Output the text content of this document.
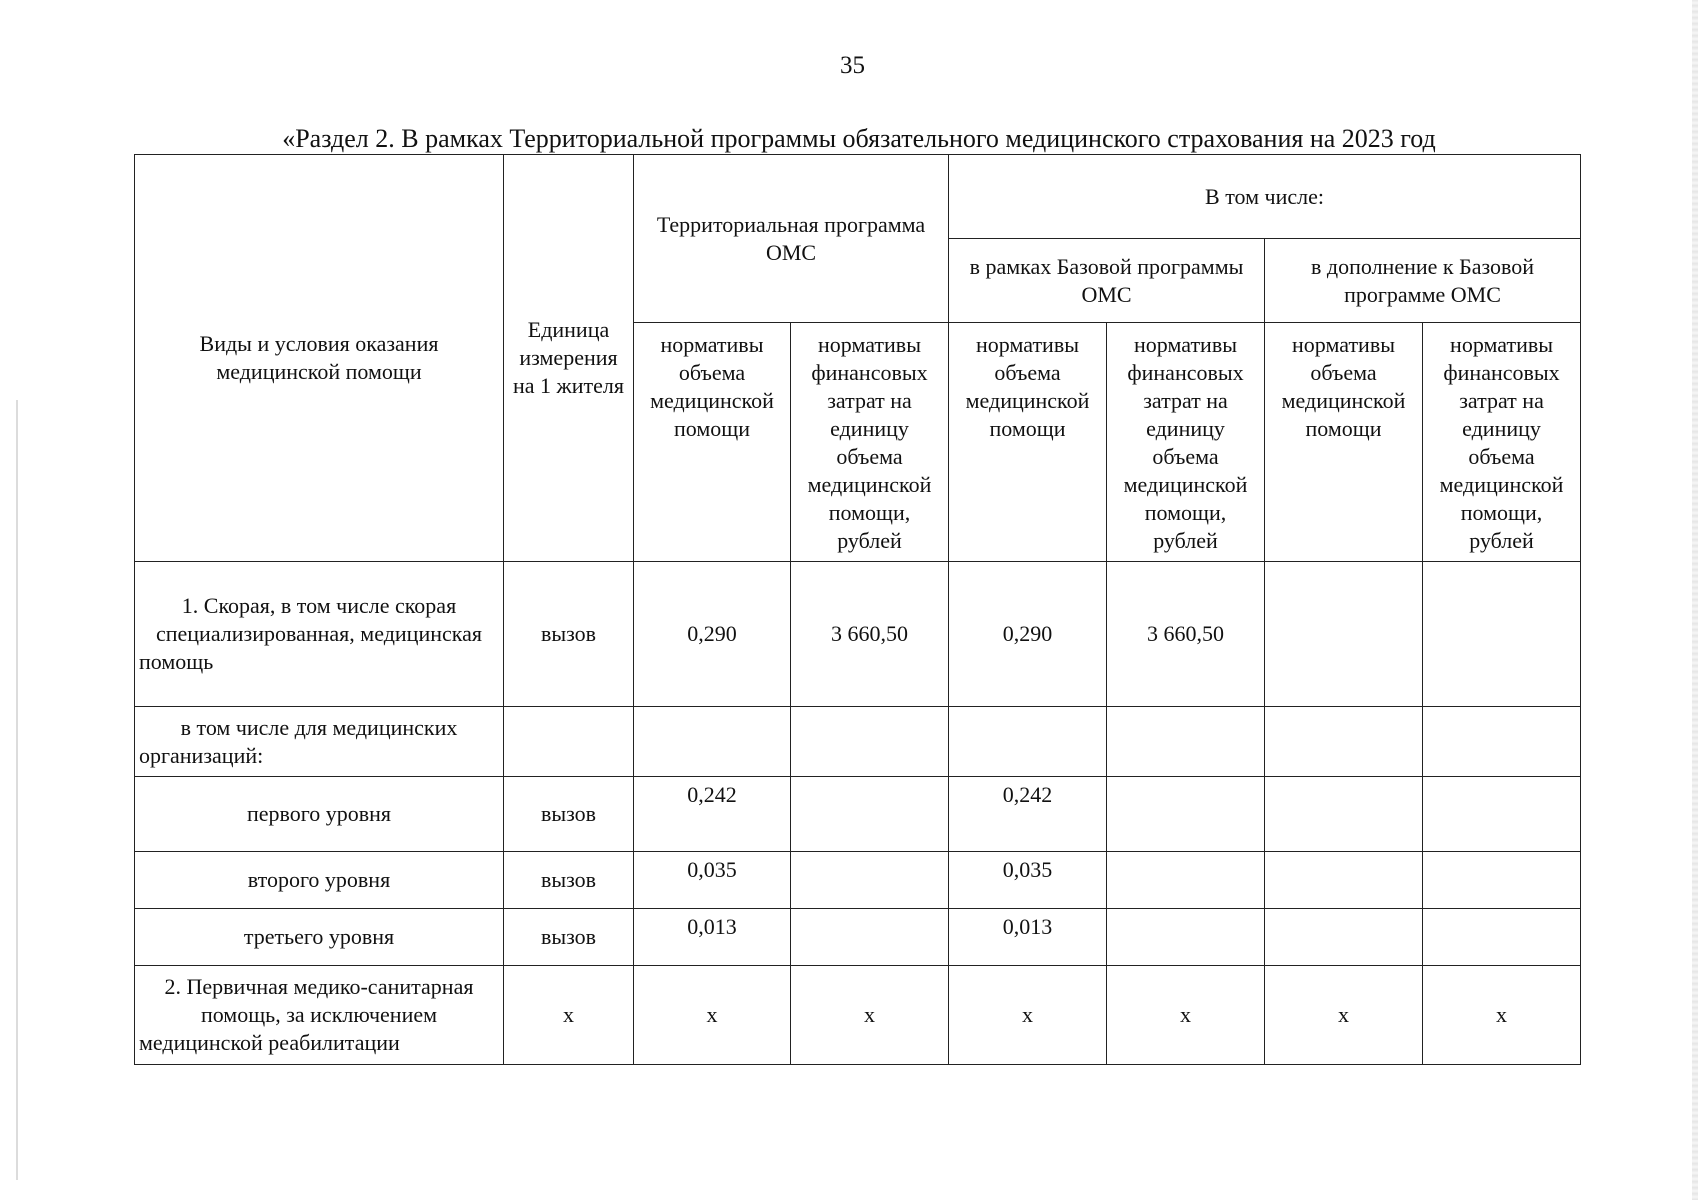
35
«Раздел 2. В рамках Территориальной программы обязательного медицинского страхования на 2023 год
Виды и условия оказания медицинской помощи	Единица измерения на 1 жителя	Территориальная программа ОМС		В том числе:			
				в рамках Базовой программы ОМС		в дополнение к Базовой программе ОМС	
		нормативы объема медицинской помощи	нормативы финансовых затрат на единицу объема медицинской помощи, рублей	нормативы объема медицинской помощи	нормативы финансовых затрат на единицу объема медицинской помощи, рублей	нормативы объема медицинской помощи	нормативы финансовых затрат на единицу объема медицинской помощи, рублей
1. Скорая, в том числе скорая специализированная, медицинская помощь	вызов	0,290	3 660,50	0,290	3 660,50		
в том числе для медицинских организаций:							
первого уровня	вызов	0,242		0,242			
второго уровня	вызов	0,035		0,035			
третьего уровня	вызов	0,013		0,013			
2. Первичная медико-санитарная помощь, за исключением медицинской реабилитации	х	х	х	х	х	х	х
